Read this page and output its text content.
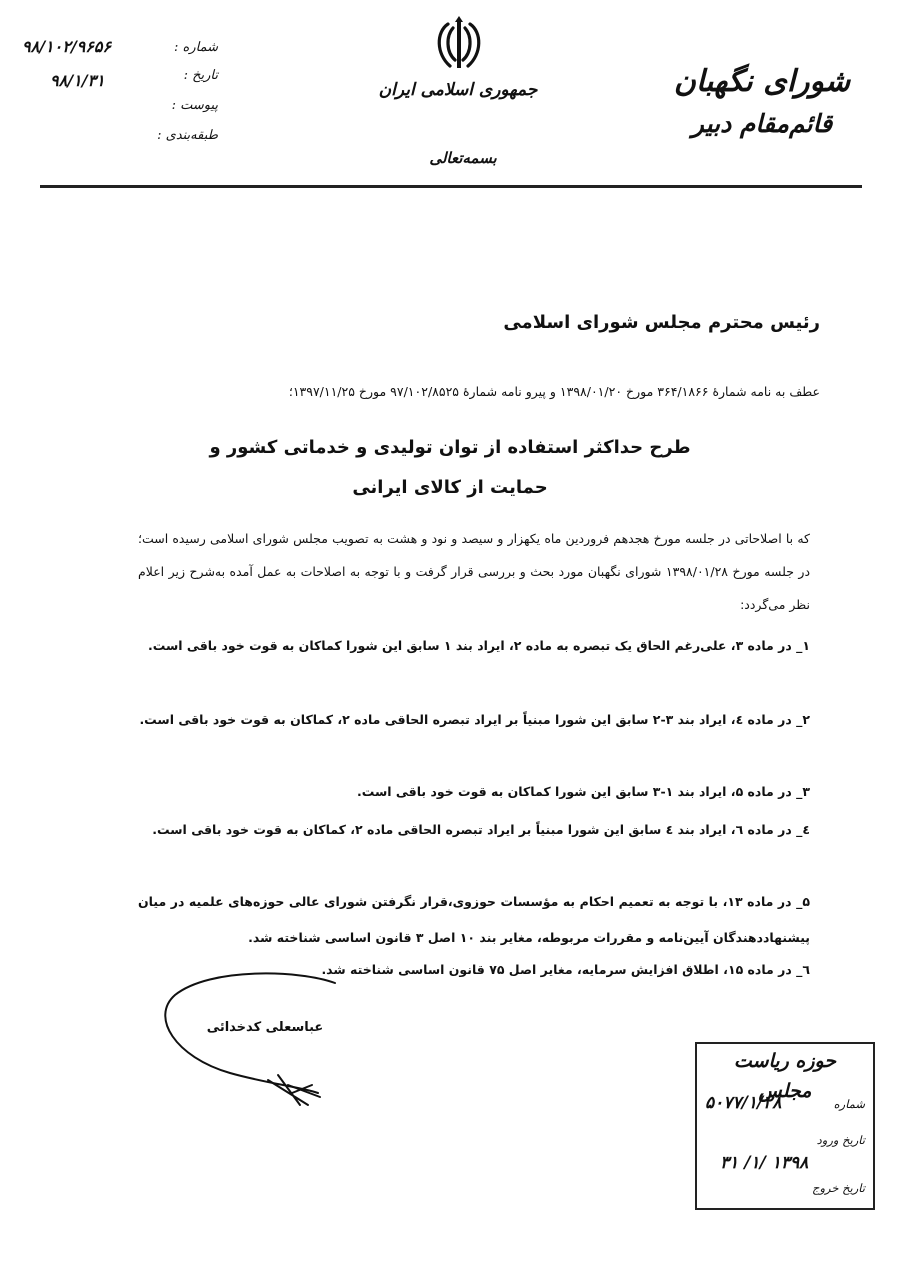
شورای نگهبان
قائم‌مقام دبیر
جمهوری اسلامی ایران
بسمه‌تعالی
شماره :
۹۸/۱۰۲/۹۶۵۶
تاریخ :
۹۸/۱/۳۱
پیوست :
طبقه‌بندی :
رئیس محترم مجلس شورای اسلامی
عطف به نامه شمارهٔ ۳۶۴/۱۸۶۶ مورخ ۱۳۹۸/۰۱/۲۰ و پیرو نامه شمارهٔ ۹۷/۱۰۲/۸۵۲۵ مورخ ۱۳۹۷/۱۱/۲۵؛
طرح حداکثر استفاده از توان تولیدی و خدماتی کشور و
حمایت از کالای ایرانی
که با اصلاحاتی در جلسه مورخ هجدهم فروردین ماه یکهزار و سیصد و نود و هشت به تصویب مجلس شورای اسلامی رسیده است؛ در جلسه مورخ ۱۳۹۸/۰۱/۲۸ شورای نگهبان مورد بحث و بررسی قرار گرفت و با توجه به اصلاحات به عمل آمده به‌شرح زیر اعلام نظر می‌گردد:
۱_ در ماده ۳، علی‌رغم الحاق یک تبصره به ماده ۲، ایراد بند ۱ سابق این شورا کماکان به قوت خود باقی است.
۲_ در ماده ٤، ایراد بند ۳-۲ سابق این شورا مبنیاً بر ایراد تبصره الحاقی ماده ۲، کماکان به قوت خود باقی است.
۳_ در ماده ۵، ایراد بند ۱-۳ سابق این شورا کماکان به قوت خود باقی است.
٤_ در ماده ٦، ایراد بند ٤ سابق این شورا مبنیاً بر ایراد تبصره الحاقی ماده ۲، کماکان به قوت خود باقی است.
۵_ در ماده ۱۳، با توجه به تعمیم احکام به مؤسسات حوزوی،قرار نگرفتن شورای عالی حوزه‌های علمیه در میان پیشنهاددهندگان آیین‌نامه و مقررات مربوطه، مغایر بند ۱۰ اصل ۳ قانون اساسی شناخته شد.
٦_ در ماده ۱۵، اطلاق افزایش سرمایه، مغایر اصل ۷۵ قانون اساسی شناخته شد.
عباسعلی کدخدائی
حوزه ریاست مجلس
شماره
۵۰۷۷/۱/۲۸
تاریخ ورود
۱۳۹۸ /۱/ ۳۱
تاریخ خروج
